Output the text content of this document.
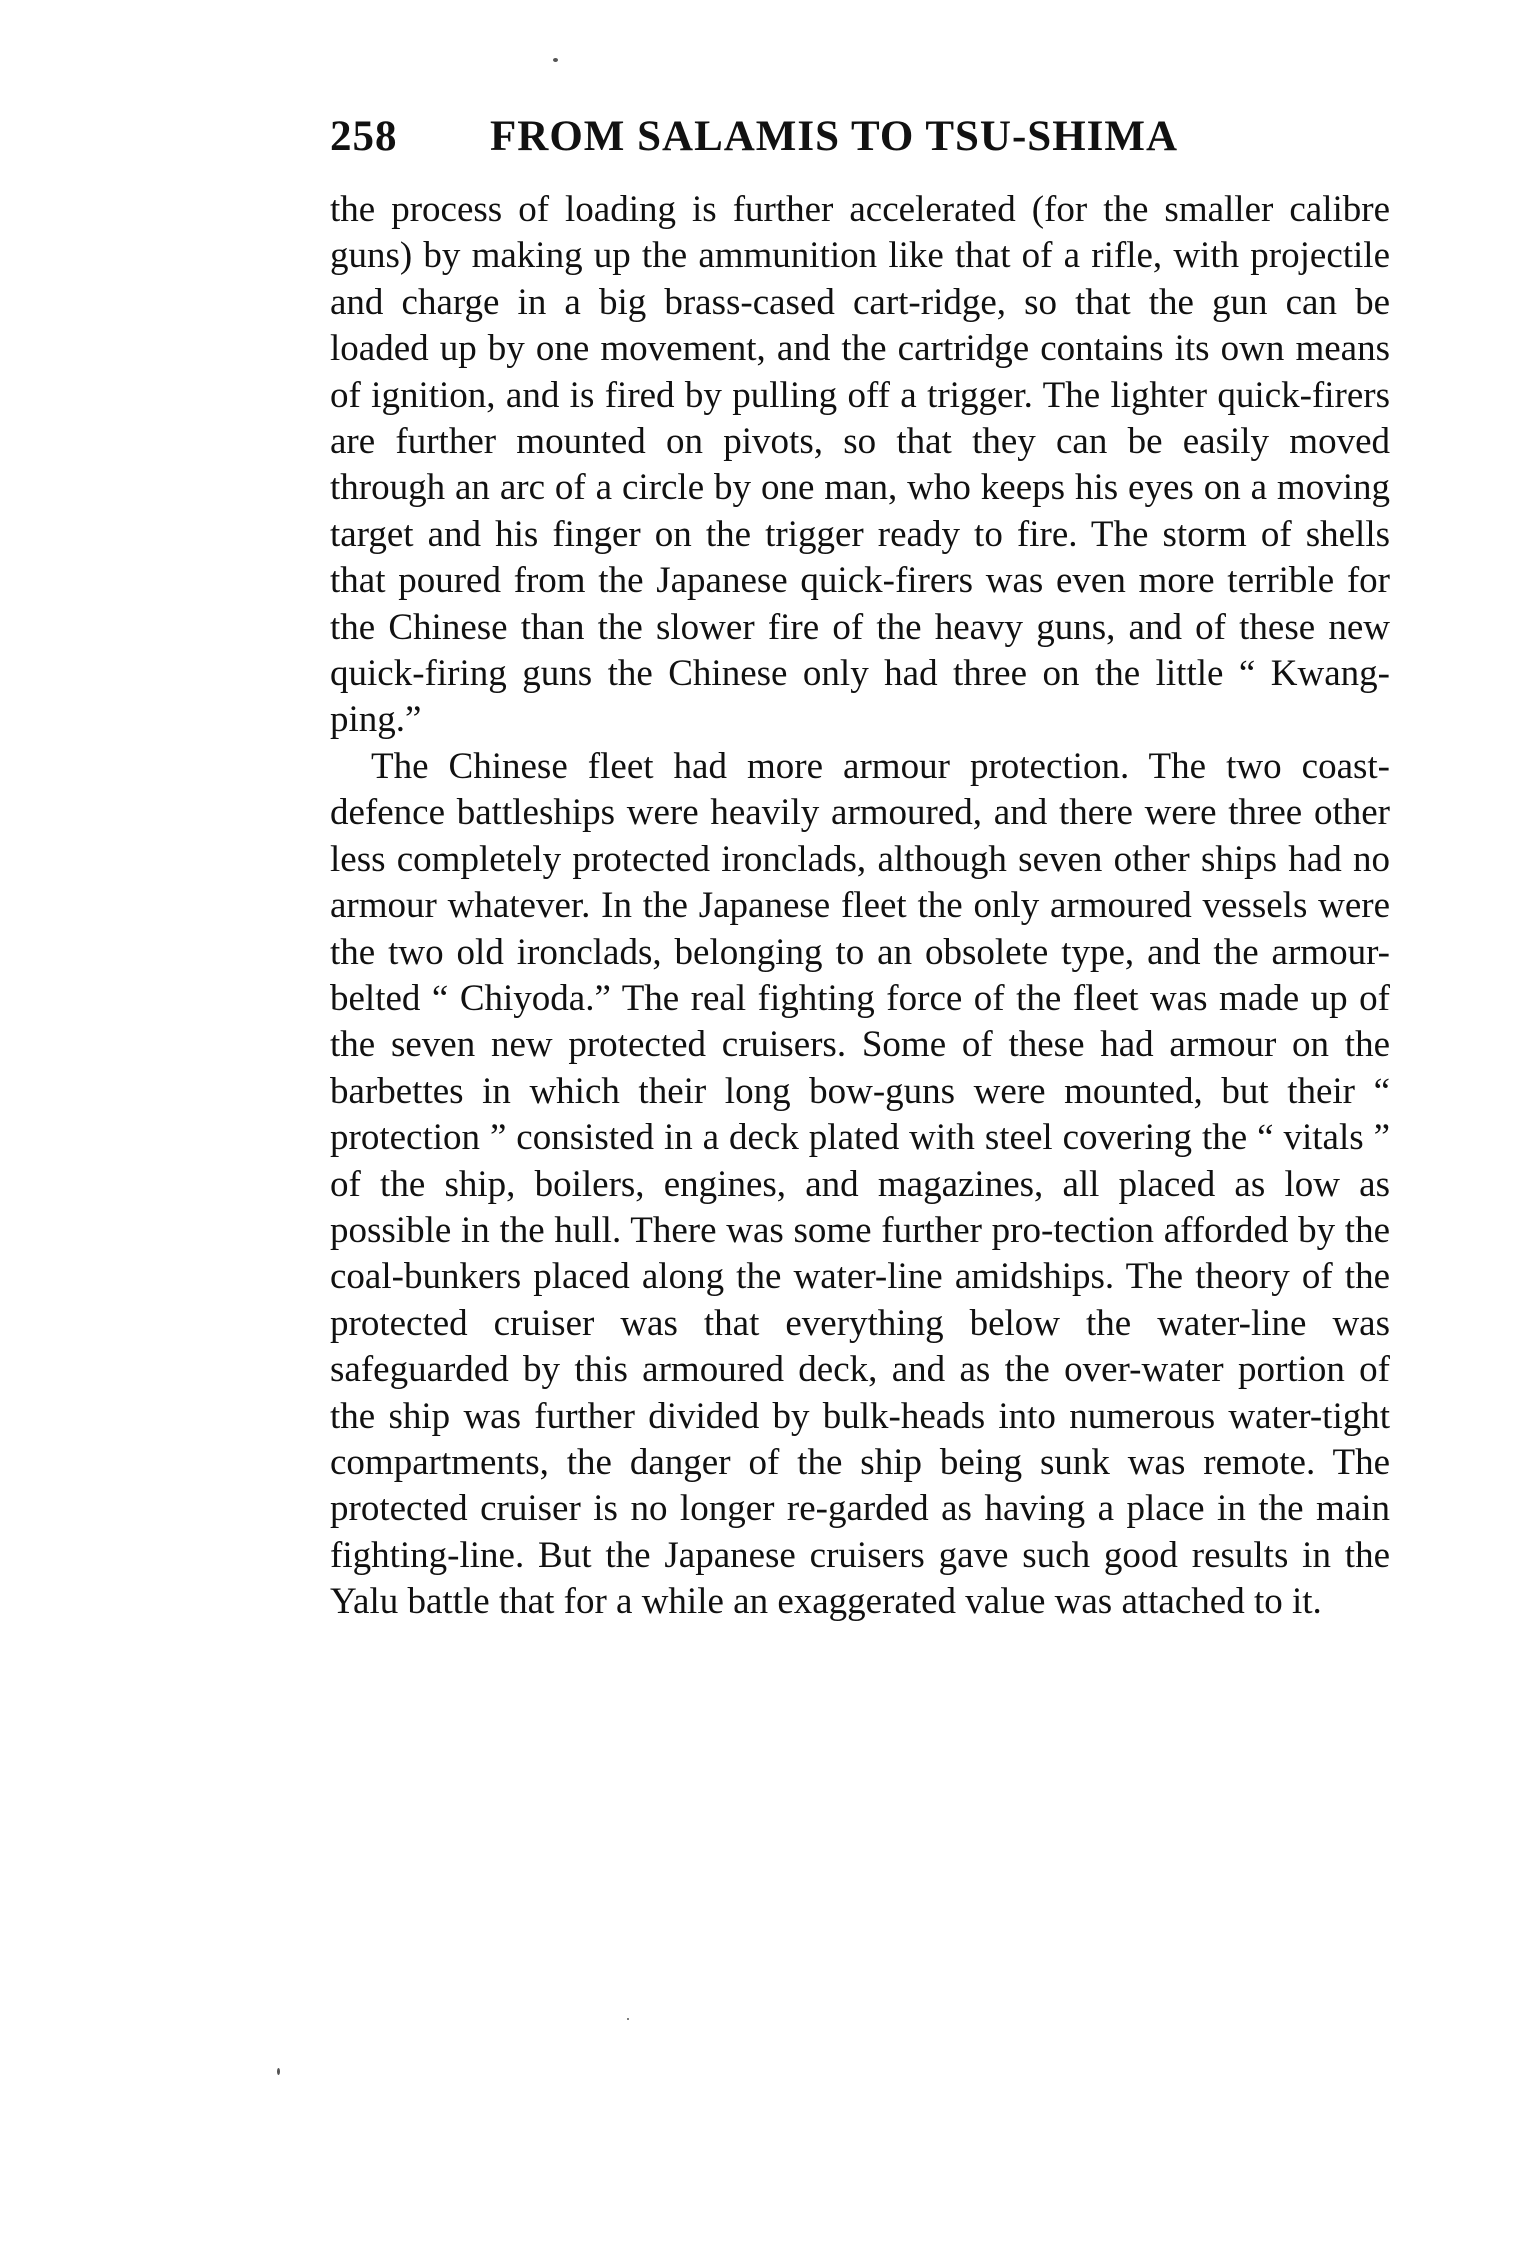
258 FROM SALAMIS TO TSU-SHIMA

the process of loading is further accelerated (for the smaller calibre guns) by making up the ammunition like that of a rifle, with projectile and charge in a big brass-cased cart-ridge, so that the gun can be loaded up by one movement, and the cartridge contains its own means of ignition, and is fired by pulling off a trigger. The lighter quick-firers are further mounted on pivots, so that they can be easily moved through an arc of a circle by one man, who keeps his eyes on a moving target and his finger on the trigger ready to fire. The storm of shells that poured from the Japanese quick-firers was even more terrible for the Chinese than the slower fire of the heavy guns, and of these new quick-firing guns the Chinese only had three on the little “ Kwang-ping.”

The Chinese fleet had more armour protection. The two coast-defence battleships were heavily armoured, and there were three other less completely protected ironclads, although seven other ships had no armour whatever. In the Japanese fleet the only armoured vessels were the two old ironclads, belonging to an obsolete type, and the armour-belted “ Chiyoda.” The real fighting force of the fleet was made up of the seven new protected cruisers. Some of these had armour on the barbettes in which their long bow-guns were mounted, but their “ protection ” consisted in a deck plated with steel covering the “ vitals ” of the ship, boilers, engines, and magazines, all placed as low as possible in the hull. There was some further pro-tection afforded by the coal-bunkers placed along the water-line amidships. The theory of the protected cruiser was that everything below the water-line was safeguarded by this armoured deck, and as the over-water portion of the ship was further divided by bulk-heads into numerous water-tight compartments, the danger of the ship being sunk was remote. The protected cruiser is no longer re-garded as having a place in the main fighting-line. But the Japanese cruisers gave such good results in the Yalu battle that for a while an exaggerated value was attached to it.
